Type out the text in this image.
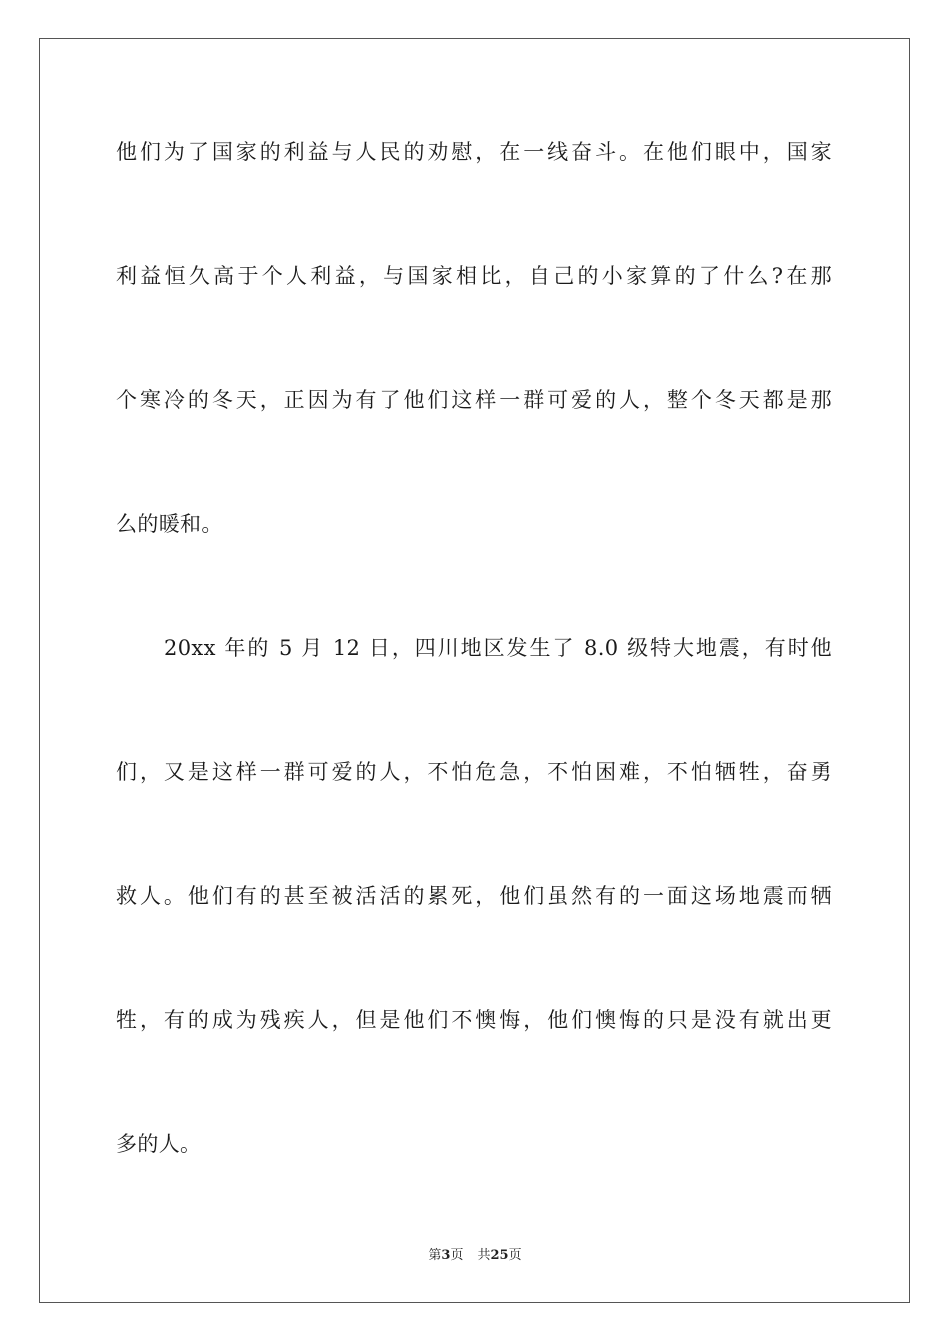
他们为了国家的利益与人民的劝慰，在一线奋斗。在他们眼中，国家
利益恒久高于个人利益，与国家相比，自己的小家算的了什么?在那
个寒冷的冬天，正因为有了他们这样一群可爱的人，整个冬天都是那
么的暖和。
20xx 年的 5 月 12 日，四川地区发生了 8.0 级特大地震，有时他
们，又是这样一群可爱的人，不怕危急，不怕困难，不怕牺牲，奋勇
救人。他们有的甚至被活活的累死，他们虽然有的一面这场地震而牺
牲，有的成为残疾人，但是他们不懊悔，他们懊悔的只是没有就出更
多的人。
第3页 共25页
